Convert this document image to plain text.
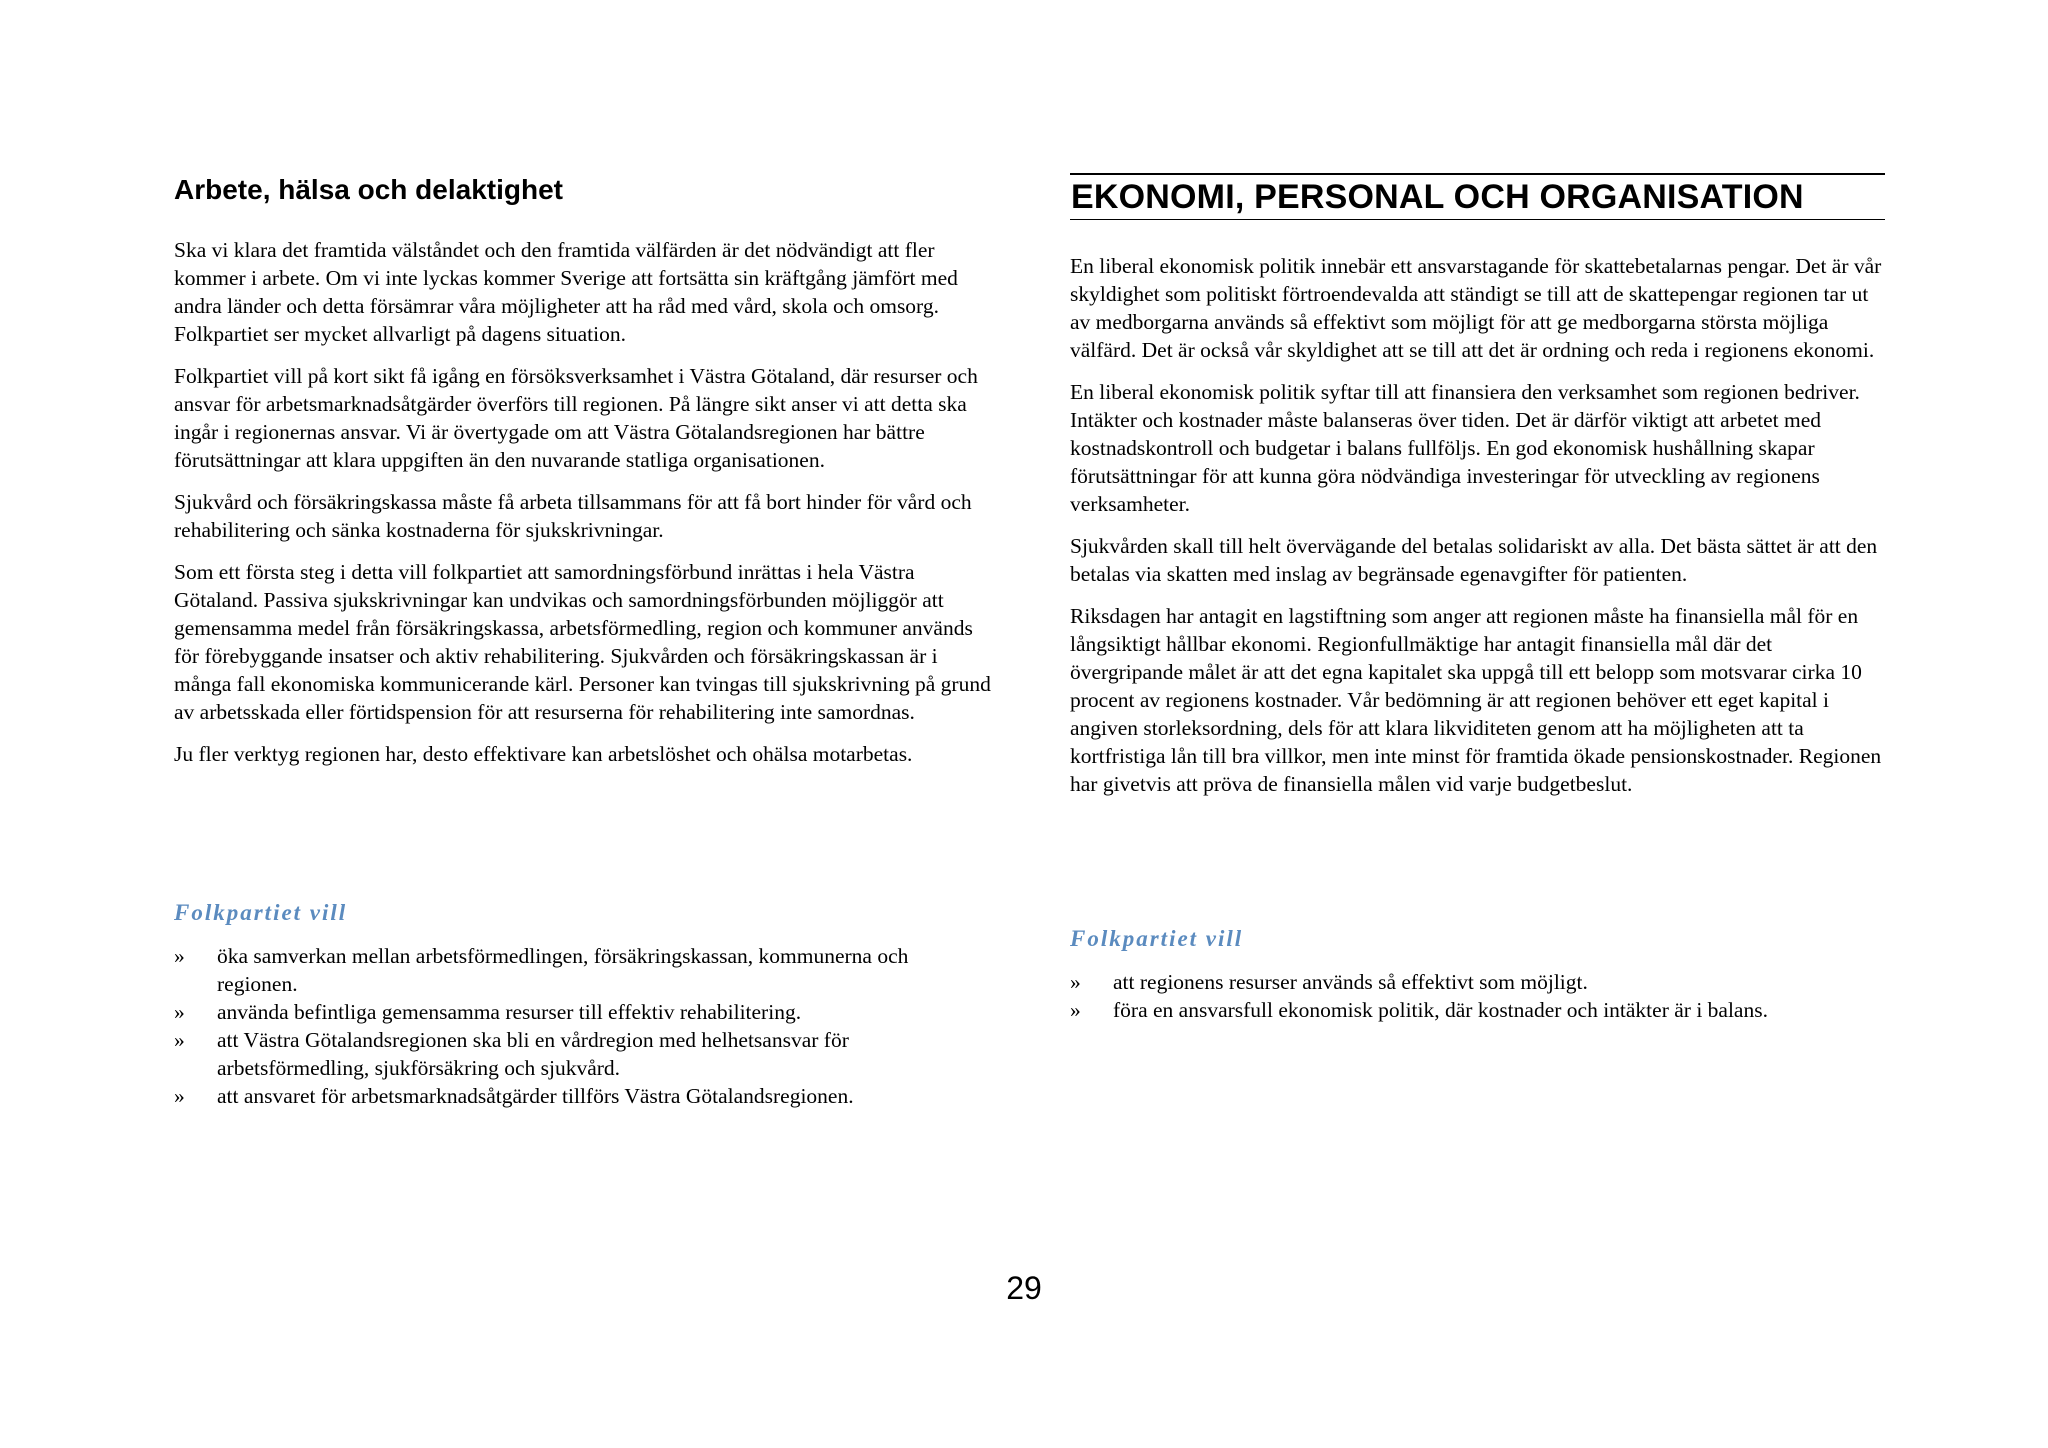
Arbete, hälsa och delaktighet

Ska vi klara det framtida välståndet och den framtida välfärden är det nödvändigt att fler kommer i arbete. Om vi inte lyckas kommer Sverige att fortsätta sin kräftgång jämfört med andra länder och detta försämrar våra möjligheter att ha råd med vård, skola och omsorg. Folkpartiet ser mycket allvarligt på dagens situation.

Folkpartiet vill på kort sikt få igång en försöksverksamhet i Västra Götaland, där resurser och ansvar för arbetsmarknadsåtgärder överförs till regionen. På längre sikt anser vi att detta ska ingår i regionernas ansvar. Vi är övertygade om att Västra Götalandsregionen har bättre förutsättningar att klara uppgiften än den nuvarande statliga organisationen.

Sjukvård och försäkringskassa måste få arbeta tillsammans för att få bort hinder för vård och rehabilitering och sänka kostnaderna för sjukskrivningar.

Som ett första steg i detta vill folkpartiet att samordningsförbund inrättas i hela Västra Götaland. Passiva sjukskrivningar kan undvikas och samordningsförbunden möjliggör att gemensamma medel från försäkringskassa, arbetsförmedling, region och kommuner används för förebyggande insatser och aktiv rehabilitering. Sjukvården och försäkringskassan är i många fall ekonomiska kommunicerande kärl. Personer kan tvingas till sjukskrivning på grund av arbetsskada eller förtidspension för att resurserna för rehabilitering inte samordnas.

Ju fler verktyg regionen har, desto effektivare kan arbetslöshet och ohälsa motarbetas.

Folkpartiet vill
» öka samverkan mellan arbetsförmedlingen, försäkringskassan, kommunerna och regionen.
» använda befintliga gemensamma resurser till effektiv rehabilitering.
» att Västra Götalandsregionen ska bli en vårdregion med helhetsansvar för arbetsförmedling, sjukförsäkring och sjukvård.
» att ansvaret för arbetsmarknadsåtgärder tillförs Västra Götalandsregionen.
EKONOMI, PERSONAL OCH ORGANISATION

En liberal ekonomisk politik innebär ett ansvarstagande för skattebetalarnas pengar. Det är vår skyldighet som politiskt förtroendevalda att ständigt se till att de skattepengar regionen tar ut av medborgarna används så effektivt som möjligt för att ge medborgarna största möjliga välfärd. Det är också vår skyldighet att se till att det är ordning och reda i regionens ekonomi.

En liberal ekonomisk politik syftar till att finansiera den verksamhet som regionen bedriver. Intäkter och kostnader måste balanseras över tiden. Det är därför viktigt att arbetet med kostnadskontroll och budgetar i balans fullföljs. En god ekonomisk hushållning skapar förutsättningar för att kunna göra nödvändiga investeringar för utveckling av regionens verksamheter.

Sjukvården skall till helt övervägande del betalas solidariskt av alla. Det bästa sättet är att den betalas via skatten med inslag av begränsade egenavgifter för patienten.

Riksdagen har antagit en lagstiftning som anger att regionen måste ha finansiella mål för en långsiktigt hållbar ekonomi. Regionfullmäktige har antagit finansiella mål där det övergripande målet är att det egna kapitalet ska uppgå till ett belopp som motsvarar cirka 10 procent av regionens kostnader. Vår bedömning är att regionen behöver ett eget kapital i angiven storleksordning, dels för att klara likviditeten genom att ha möjligheten att ta kortfristiga lån till bra villkor, men inte minst för framtida ökade pensionskostnader. Regionen har givetvis att pröva de finansiella målen vid varje budgetbeslut.

Folkpartiet vill
» att regionens resurser används så effektivt som möjligt.
» föra en ansvarsfull ekonomisk politik, där kostnader och intäkter är i balans.
29
